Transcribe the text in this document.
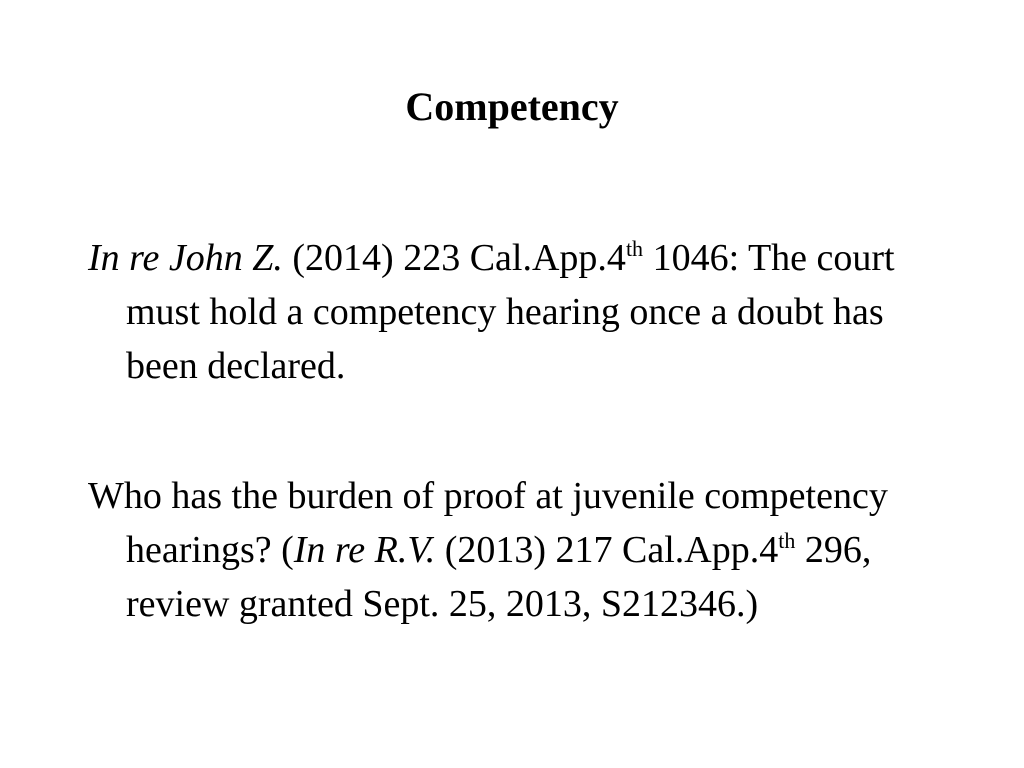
Competency
In re John Z. (2014) 223 Cal.App.4th 1046: The court must hold a competency hearing once a doubt has been declared.
Who has the burden of proof at juvenile competency hearings? (In re R.V. (2013) 217 Cal.App.4th 296, review granted Sept. 25, 2013, S212346.)
